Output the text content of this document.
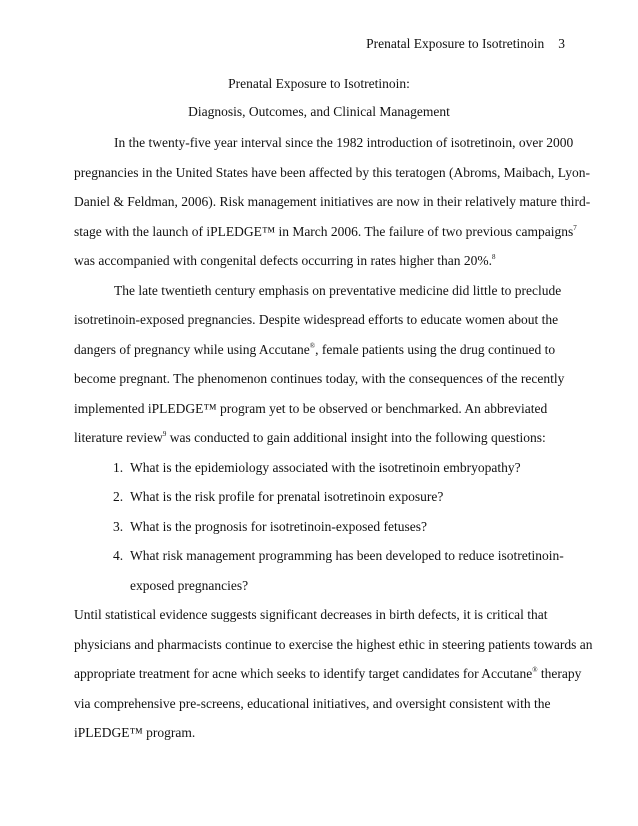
Prenatal Exposure to Isotretinoin 3
Prenatal Exposure to Isotretinoin:
Diagnosis, Outcomes, and Clinical Management

In the twenty-five year interval since the 1982 introduction of isotretinoin, over 2000
pregnancies in the United States have been affected by this teratogen (Abroms, Maibach, Lyon-
Daniel & Feldman, 2006). Risk management initiatives are now in their relatively mature third-
stage with the launch of iPLEDGE™ in March 2006. The failure of two previous campaigns$^7$
was accompanied with congenital defects occurring in rates higher than 20%.$^8$

The late twentieth century emphasis on preventative medicine did little to preclude
isotretinoin-exposed pregnancies. Despite widespread efforts to educate women about the
dangers of pregnancy while using Accutane®, female patients using the drug continued to
become pregnant. The phenomenon continues today, with the consequences of the recently
implemented iPLEDGE™ program yet to be observed or benchmarked. An abbreviated
literature review$^9$ was conducted to gain additional insight into the following questions:

1. What is the epidemiology associated with the isotretinoin embryopathy?
2. What is the risk profile for prenatal isotretinoin exposure?
3. What is the prognosis for isotretinoin-exposed fetuses?
4. What risk management programming has been developed to reduce isotretinoin-
exposed pregnancies?

Until statistical evidence suggests significant decreases in birth defects, it is critical that
physicians and pharmacists continue to exercise the highest ethic in steering patients towards an
appropriate treatment for acne which seeks to identify target candidates for Accutane® therapy
via comprehensive pre-screens, educational initiatives, and oversight consistent with the
iPLEDGE™ program.
